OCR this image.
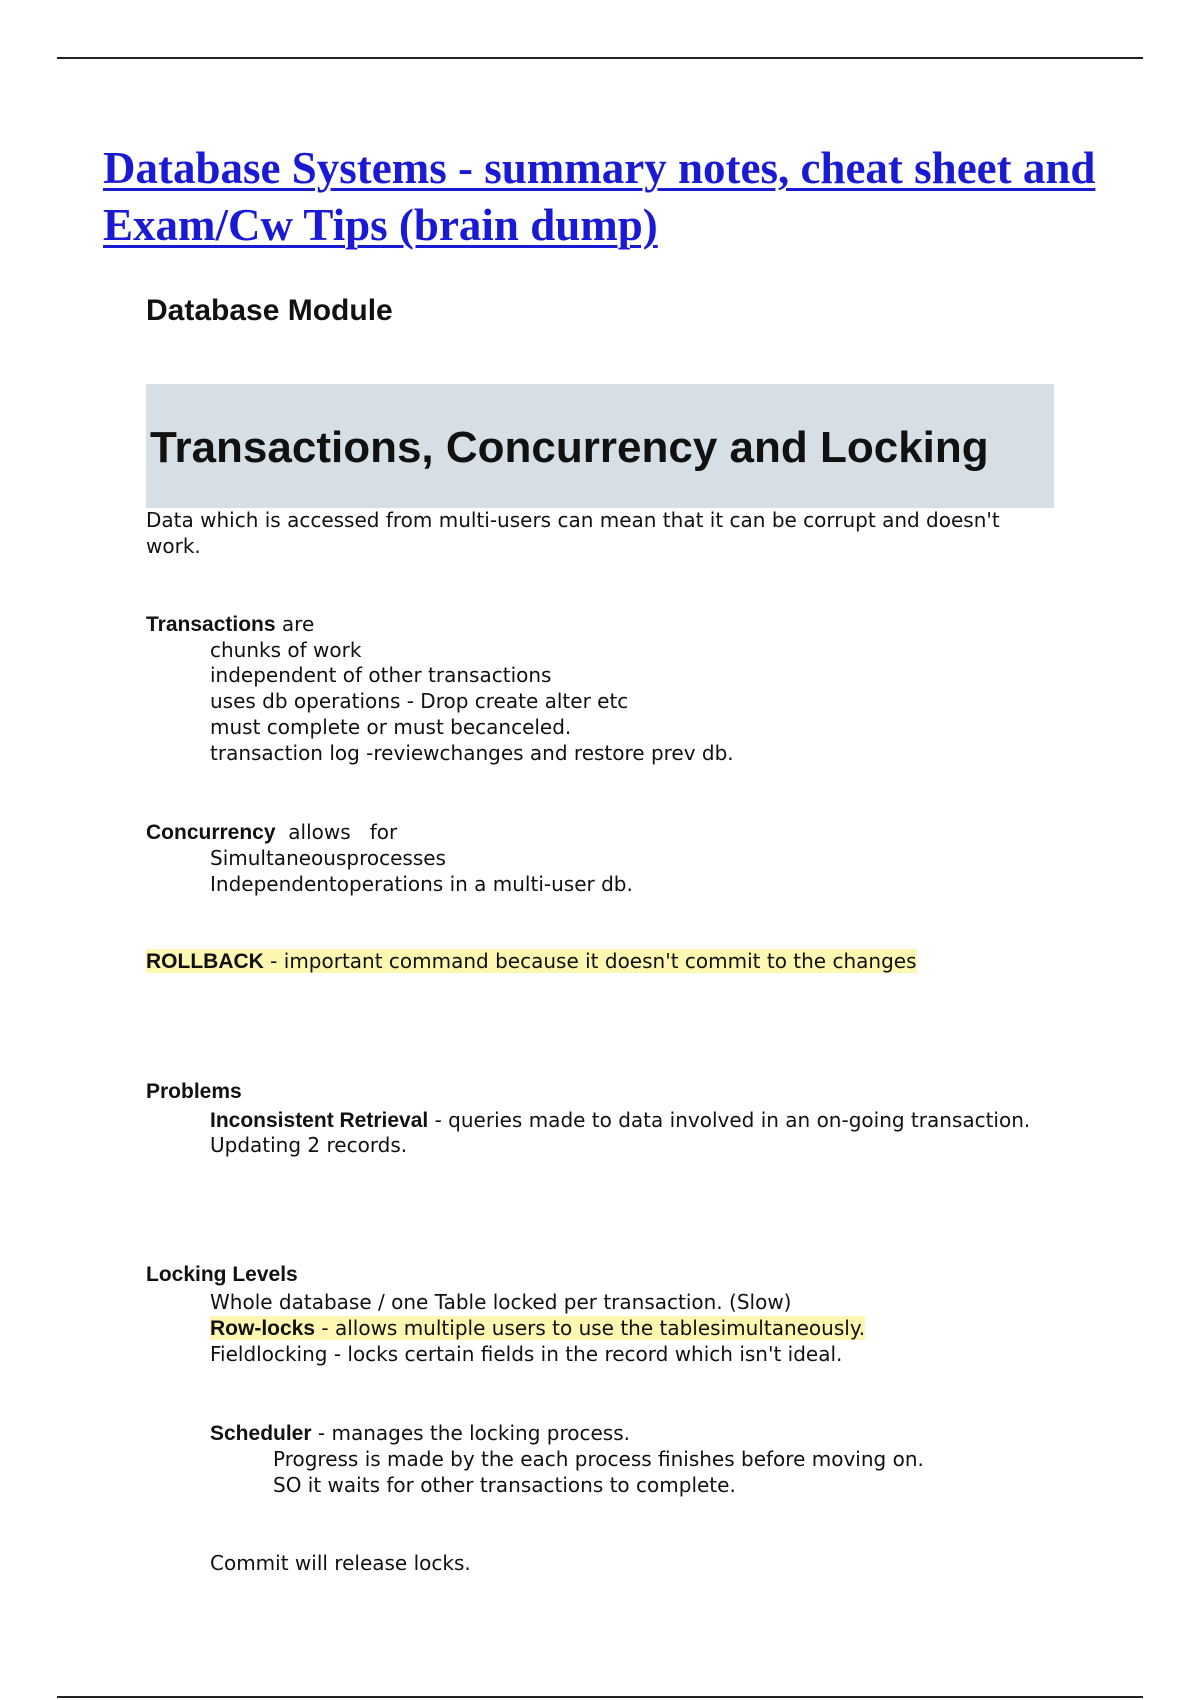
Database Systems - summary notes, cheat sheet and Exam/Cw Tips (brain dump)
Database Module
Transactions, Concurrency and Locking

Data which is accessed from multi-users can mean that it can be corrupt and doesn't work.

Transactions are
chunks of work
independent of other transactions
uses db operations - Drop create alter etc
must complete or must becanceled.
transaction log -reviewchanges and restore prev db.
Concurrency  allows   for
Simultaneousprocesses
Independentoperations in a multi-user db.
ROLLBACK - important command because it doesn't commit to the changes
Problems
Inconsistent Retrieval - queries made to data involved in an on-going transaction.
Updating 2 records.
Locking Levels
Whole database / one Table locked per transaction. (Slow)
Row-locks - allows multiple users to use the tablesimultaneously.
Fieldlocking - locks certain fields in the record which isn't ideal.
Scheduler - manages the locking process.
Progress is made by the each process finishes before moving on.
SO it waits for other transactions to complete.
Commit will release locks.
